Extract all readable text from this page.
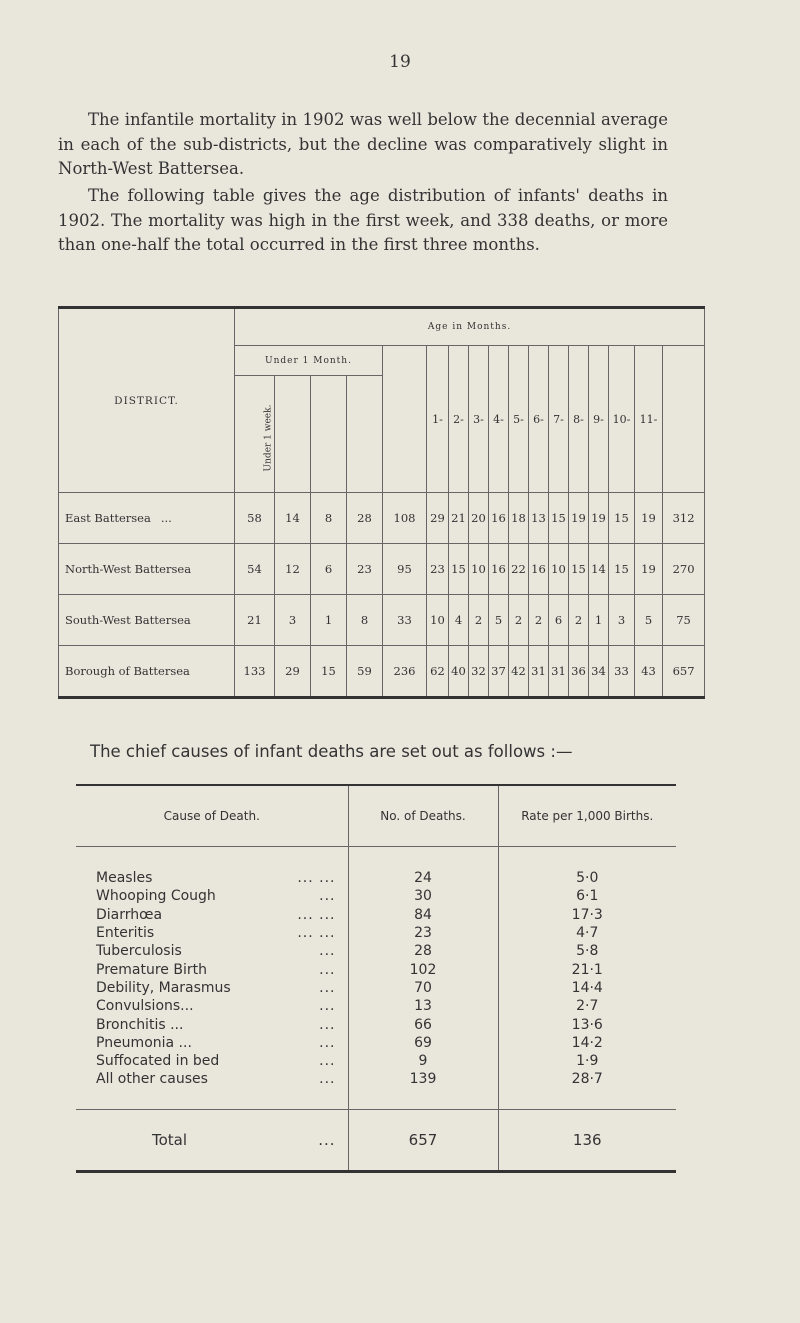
19

The infantile mortality in 1902 was well below the decennial average in each of the sub-districts, but the decline was comparatively slight in North-West Battersea.

The following table gives the age distribution of infants' deaths in 1902. The mortality was high in the first week, and 338 deaths, or more than one-half the total occurred in the first three months.

DISTRICT.	Age in Months.																
	Under 1 Month.					1-	2-	3-	4-	5-	6-	7-	8-	9-	10-	11-	
	Under 1 week.			
East Battersea ...	58	14	8	28	108	29	21	20	16	18	13	15	19	19	15	19	312
North-West Battersea	54	12	6	23	95	23	15	10	16	22	16	10	15	14	15	19	270
South-West Battersea	21	3	1	8	33	10	4	2	5	2	2	6	2	1	3	5	75
Borough of Battersea	133	29	15	59	236	62	40	32	37	42	31	31	36	34	33	43	657
The chief causes of infant deaths are set out as follows :—
Cause of Death.	No. of Deaths.	Rate per 1,000 Births.

Measles ... ...	24	5·0

Whooping Cough ...	30	6·1

Diarrhœa ... ...	84	17·3

Enteritis ... ...	23	4·7

Tuberculosis ...	28	5·8

Premature Birth ...	102	21·1

Debility, Marasmus ...	70	14·4

Convulsions... ...	13	2·7

Bronchitis ... ...	66	13·6

Pneumonia ... ...	69	14·2

Suffocated in bed ...	9	1·9

All other causes ...	139	28·7

Total ...	657	136
